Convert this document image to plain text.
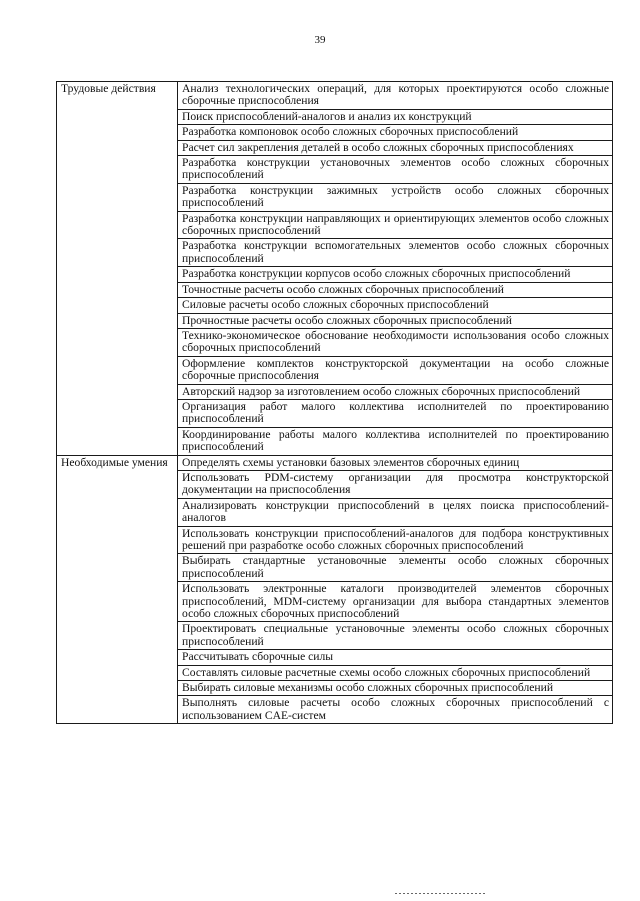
39
Трудовые действия	Анализ технологических операций, для которых проектируются особо сложные сборочные приспособления
	Поиск приспособлений-аналогов и анализ их конструкций
	Разработка компоновок особо сложных сборочных приспособлений
	Расчет сил закрепления деталей в особо сложных сборочных приспособлениях
	Разработка конструкции установочных элементов особо сложных сборочных приспособлений
	Разработка конструкции зажимных устройств особо сложных сборочных приспособлений
	Разработка конструкции направляющих и ориентирующих элементов особо сложных сборочных приспособлений
	Разработка конструкции вспомогательных элементов особо сложных сборочных приспособлений
	Разработка конструкции корпусов особо сложных сборочных приспособлений
	Точностные расчеты особо сложных сборочных приспособлений
	Силовые расчеты особо сложных сборочных приспособлений
	Прочностные расчеты особо сложных сборочных приспособлений
	Технико-экономическое обоснование необходимости использования особо сложных сборочных приспособлений
	Оформление комплектов конструкторской документации на особо сложные сборочные приспособления
	Авторский надзор за изготовлением особо сложных сборочных приспособлений
	Организация работ малого коллектива исполнителей по проектированию приспособлений
	Координирование работы малого коллектива исполнителей по проектированию приспособлений
Необходимые умения	Определять схемы установки базовых элементов сборочных единиц
	Использовать PDM-систему организации для просмотра конструкторской документации на приспособления
	Анализировать конструкции приспособлений в целях поиска приспособлений-аналогов
	Использовать конструкции приспособлений-аналогов для подбора конструктивных решений при разработке особо сложных сборочных приспособлений
	Выбирать стандартные установочные элементы особо сложных сборочных приспособлений
	Использовать электронные каталоги производителей элементов сборочных приспособлений, MDM-систему организации для выбора стандартных элементов особо сложных сборочных приспособлений
	Проектировать специальные установочные элементы особо сложных сборочных приспособлений
	Рассчитывать сборочные силы
	Составлять силовые расчетные схемы особо сложных сборочных приспособлений
	Выбирать силовые механизмы особо сложных сборочных приспособлений
	Выполнять силовые расчеты особо сложных сборочных приспособлений с использованием CAE-систем
